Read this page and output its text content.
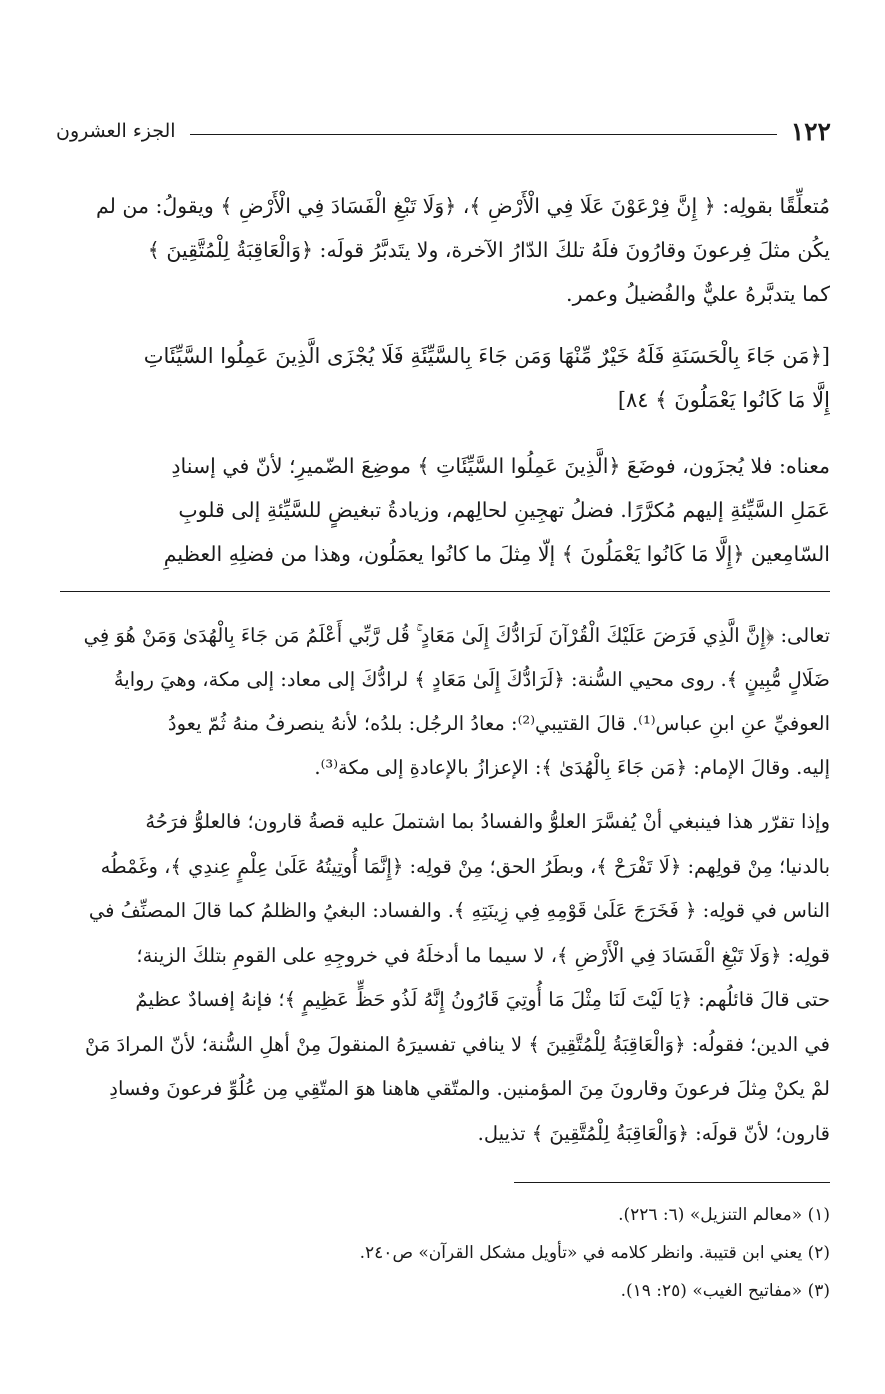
١٢٢
الجزء العشرون
مُتعلِّقًا بقولِه: ﴿ إِنَّ فِرْعَوْنَ عَلَا فِي الْأَرْضِ ﴾، ﴿وَلَا تَبْغِ الْفَسَادَ فِي الْأَرْضِ ﴾ ويقولُ: من لم
يكُن مثلَ فِرعونَ وقارُونَ فلَهُ تلكَ الدّارُ الآخرة، ولا يتَدبَّرُ قولَه: ﴿وَالْعَاقِبَةُ لِلْمُتَّقِينَ ﴾
كما يتدبَّرهُ عليٌّ والفُضيلُ وعمر.
[﴿مَن جَاءَ بِالْحَسَنَةِ فَلَهُ خَيْرٌ مِّنْهَا وَمَن جَاءَ بِالسَّيِّئَةِ فَلَا يُجْزَى الَّذِينَ عَمِلُوا السَّيِّئَاتِ
إِلَّا مَا كَانُوا يَعْمَلُونَ ﴾ ٨٤]
معناه: فلا يُجزَون، فوضَعَ ﴿الَّذِينَ عَمِلُوا السَّيِّئَاتِ ﴾ موضِعَ الضّميرِ؛ لأنّ في إسنادِ
عَمَلِ السَّيِّئةِ إليهم مُكرَّرًا. فضلُ تهجِينِ لحالِهم، وزيادةُ تبغيضٍ للسَّيِّئةِ إلى قلوبِ
السّامِعين ﴿إِلَّا مَا كَانُوا يَعْمَلُونَ ﴾ إلّا مِثلَ ما كانُوا يعمَلُون، وهذا من فضلِهِ العظيمِ
تعالى: ﴿إِنَّ الَّذِي فَرَضَ عَلَيْكَ الْقُرْآنَ لَرَادُّكَ إِلَىٰ مَعَادٍ ۚ قُل رَّبِّي أَعْلَمُ مَن جَاءَ بِالْهُدَىٰ وَمَنْ هُوَ فِي
ضَلَالٍ مُّبِينٍ ﴾. روى محيي السُّنة: ﴿لَرَادُّكَ إِلَىٰ مَعَادٍ ﴾ لرادُّكَ إلى معاد: إلى مكة، وهيَ روايةُ
العوفيِّ عنِ ابنِ عباس⁽¹⁾. قالَ القتيبي⁽²⁾: معادُ الرجُل: بلدُه؛ لأنهُ ينصرفُ منهُ ثُمّ يعودُ
إليه. وقالَ الإمام: ﴿مَن جَاءَ بِالْهُدَىٰ ﴾: الإعزازُ بالإعادةِ إلى مكة⁽³⁾.
وإذا تقرّر هذا فينبغي أنْ يُفسَّرَ العلوُّ والفسادُ بما اشتملَ عليه قصةُ قارون؛ فالعلوُّ فرَحُهُ
بالدنيا؛ مِنْ قولِهم: ﴿لَا تَفْرَحْ ﴾، وبطَرُ الحق؛ مِنْ قولِه: ﴿إِنَّمَا أُوتِيتُهُ عَلَىٰ عِلْمٍ عِندِي ﴾، وغَمْطُه
الناس في قولِه: ﴿ فَخَرَجَ عَلَىٰ قَوْمِهِ فِي زِينَتِهِ ﴾. والفساد: البغيُ والظلمُ كما قالَ المصنِّفُ في
قولِه: ﴿وَلَا تَبْغِ الْفَسَادَ فِي الْأَرْضِ ﴾، لا سيما ما أدخلَهُ في خروجِهِ على القومِ بتلكَ الزينة؛
حتى قالَ قائلُهم: ﴿يَا لَيْتَ لَنَا مِثْلَ مَا أُوتِيَ قَارُونُ إِنَّهُ لَذُو حَظٍّ عَظِيمٍ ﴾؛ فإنهُ إفسادٌ عظيمٌ
في الدين؛ فقولُه: ﴿وَالْعَاقِبَةُ لِلْمُتَّقِينَ ﴾ لا ينافي تفسيرَهُ المنقولَ مِنْ أهلِ السُّنة؛ لأنّ المرادَ مَنْ
لمْ يكنْ مِثلَ فرعونَ وقارونَ مِنَ المؤمنين. والمتّقي هاهنا هوَ المتّقِي مِن عُلُوِّ فرعونَ وفسادِ
قارون؛ لأنّ قولَه: ﴿وَالْعَاقِبَةُ لِلْمُتَّقِينَ ﴾ تذييل.
(١) «معالم التنزيل» (٦: ٢٢٦).
(٢) يعني ابن قتيبة. وانظر كلامه في «تأويل مشكل القرآن» ص٢٤٠.
(٣) «مفاتيح الغيب» (٢٥: ١٩).
